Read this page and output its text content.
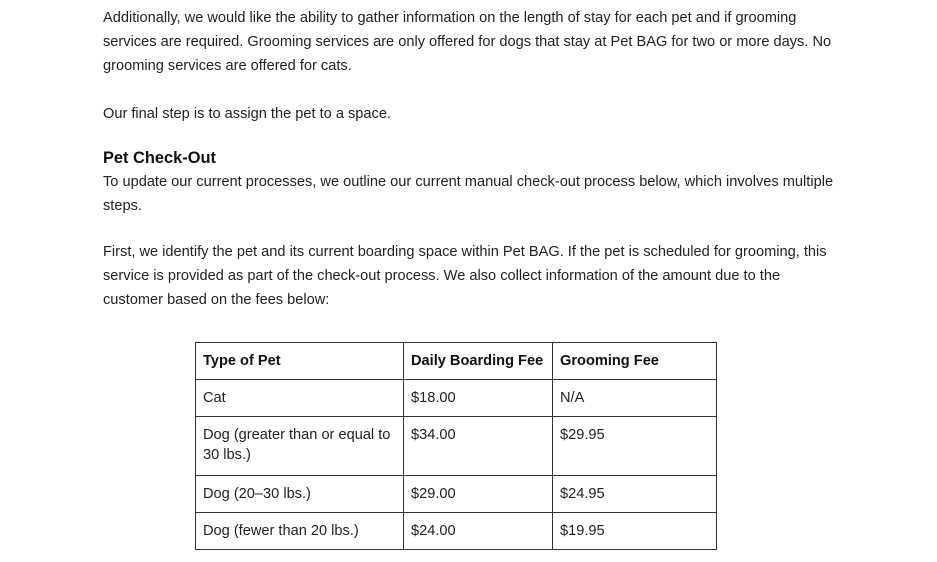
Additionally, we would like the ability to gather information on the length of stay for each pet and if grooming services are required. Grooming services are only offered for dogs that stay at Pet BAG for two or more days. No grooming services are offered for cats.

Our final step is to assign the pet to a space.

Pet Check-Out

To update our current processes, we outline our current manual check-out process below, which involves multiple steps.

First, we identify the pet and its current boarding space within Pet BAG. If the pet is scheduled for grooming, this service is provided as part of the check-out process. We also collect information of the amount due to the customer based on the fees below:

Type of Pet	Daily Boarding Fee	Grooming Fee
Cat	$18.00	N/A
Dog (greater than or equal to 30 lbs.)	$34.00	$29.95
Dog (20–30 lbs.)	$29.00	$24.95
Dog (fewer than 20 lbs.)	$24.00	$19.95
